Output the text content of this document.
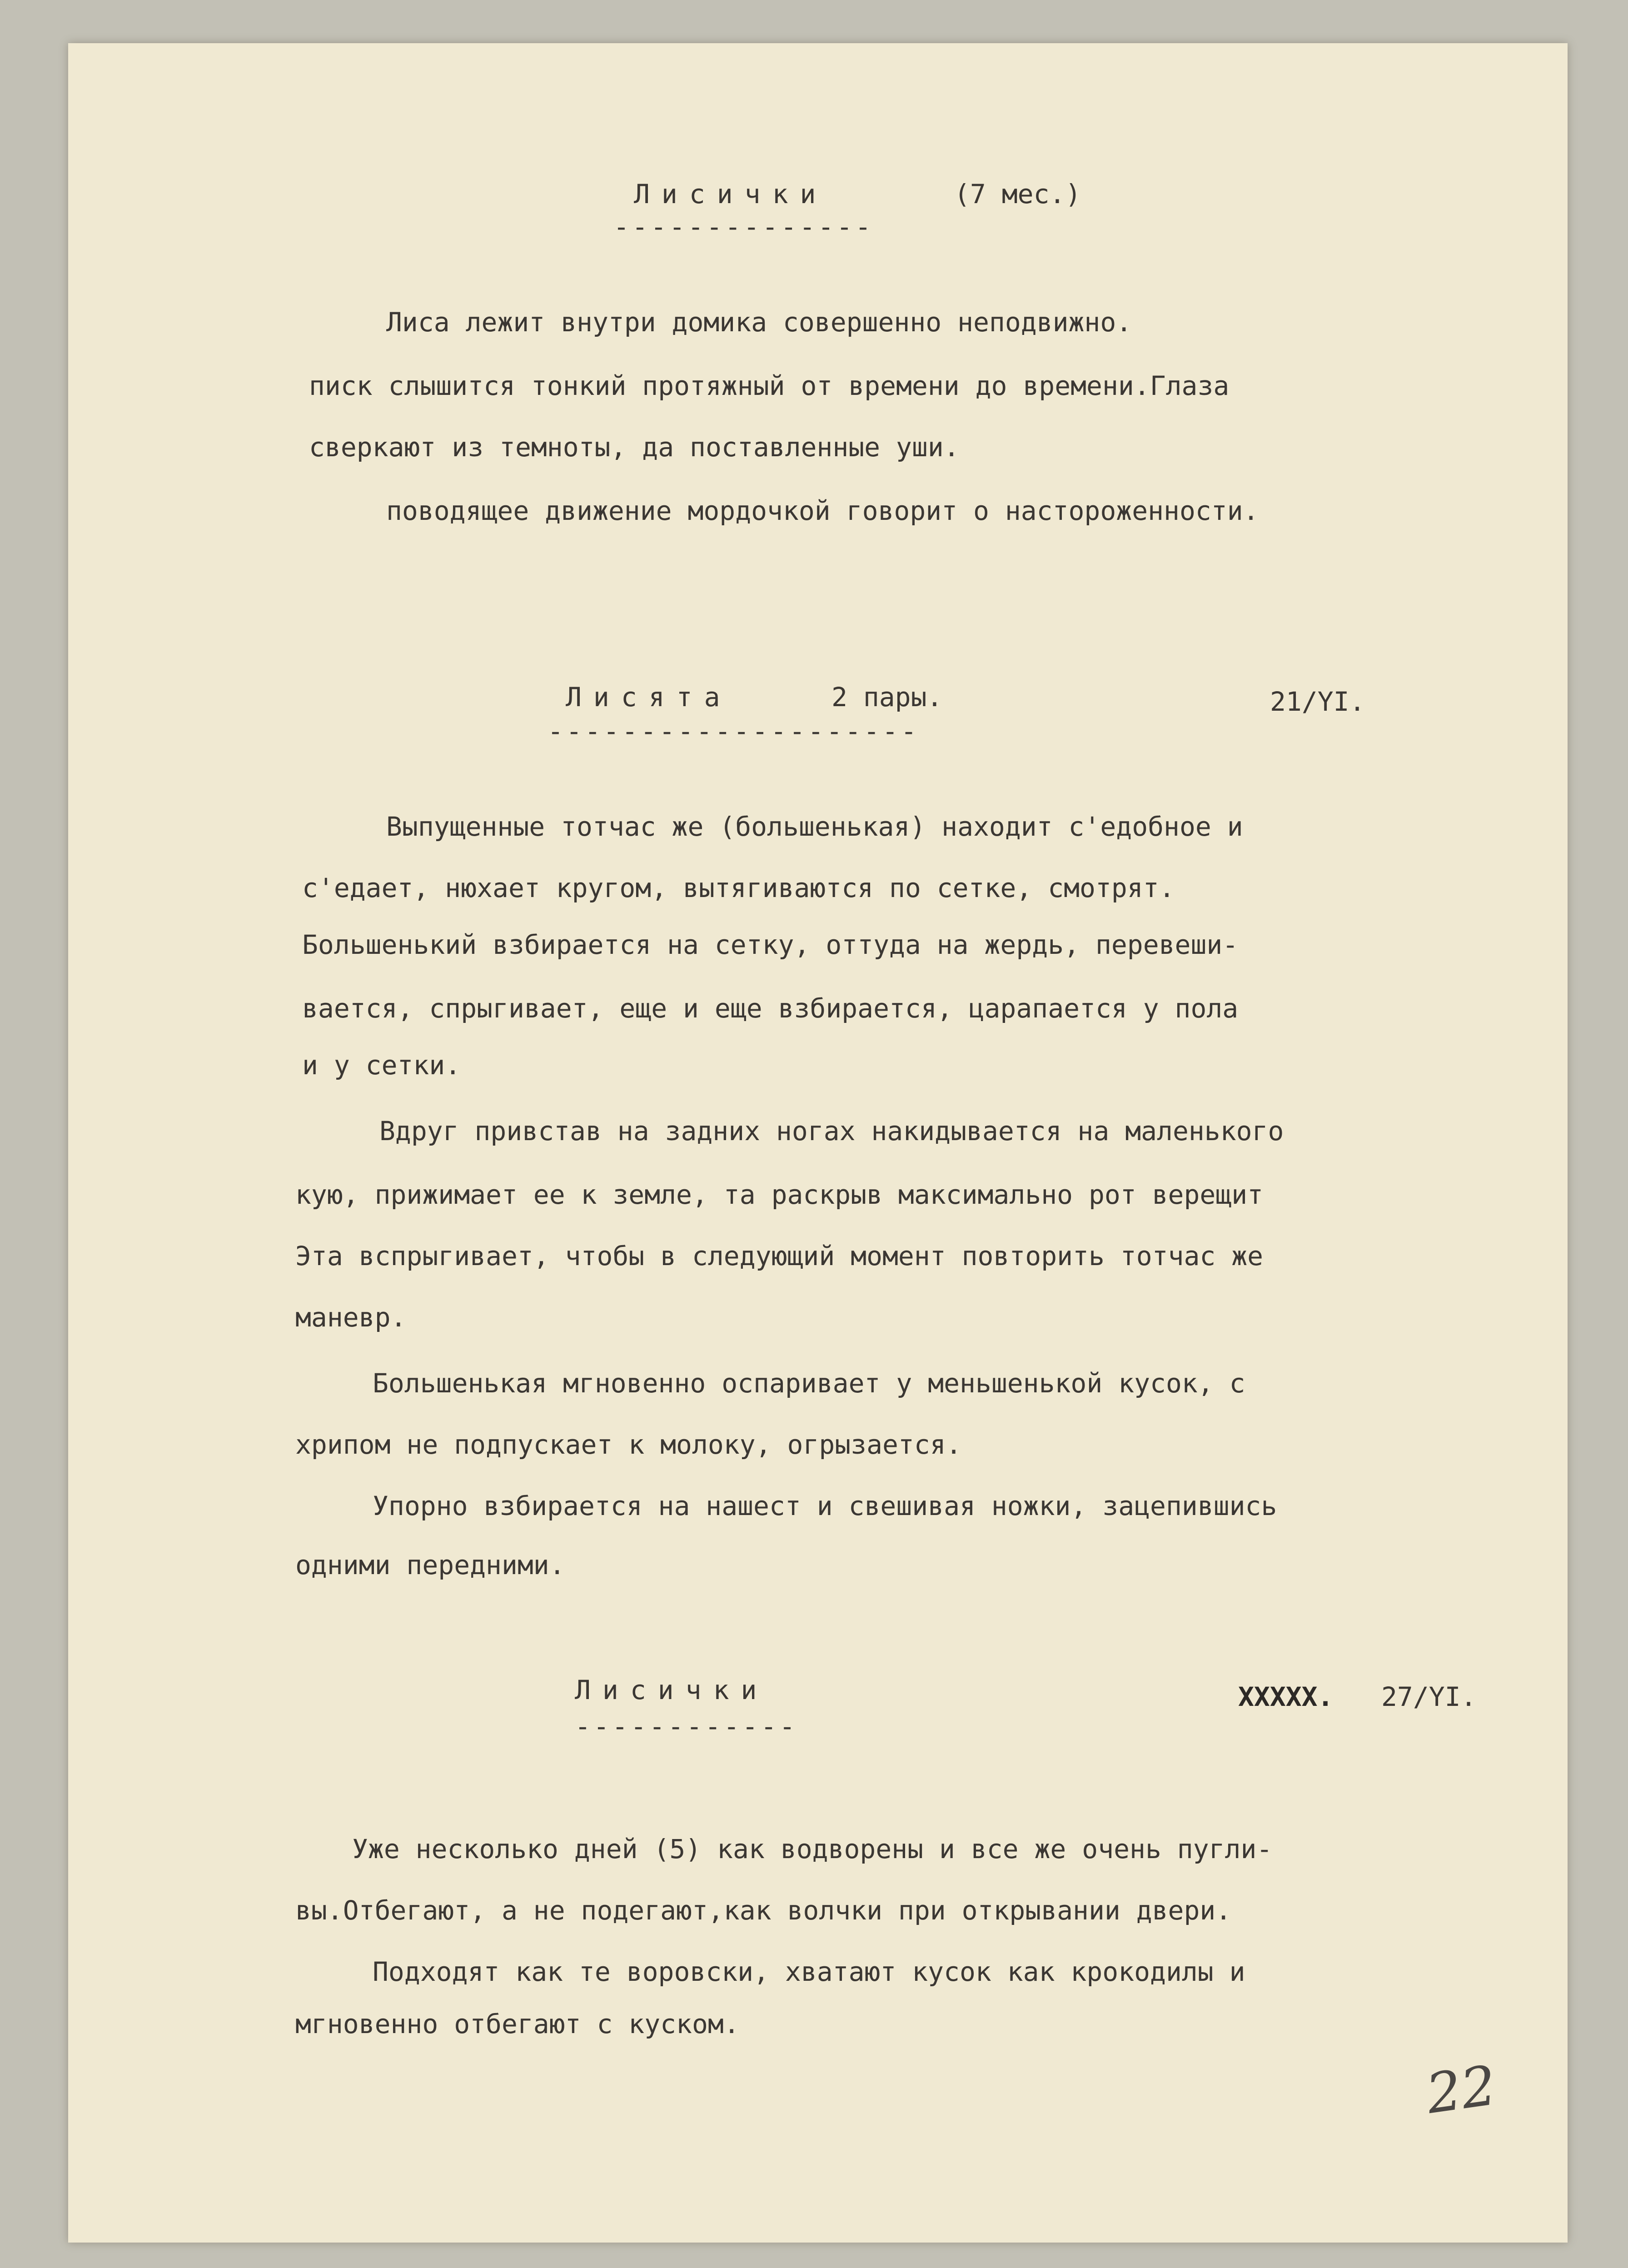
Лисички	(7 мес.)
--------------
Лиса лежит внутри домика совершенно неподвижно.
писк слышится тонкий протяжный от времени до времени.Глаза
сверкают из темноты, да поставленные уши.
поводящее движение мордочкой говорит о настороженности.
Лисята	2 пары.	21/YI.
--------------------
Выпущенные тотчас же (большенькая) находит с'едобное и
с'едает, нюхает кругом, вытягиваются по сетке, смотрят.
Большенький взбирается на сетку, оттуда на жердь, перевеши-
вается, спрыгивает, еще и еще взбирается, царапается у пола
и у сетки.
Вдруг привстав на задних ногах накидывается на маленького
кую, прижимает ее к земле, та раскрыв максимально рот верещит
Эта вспрыгивает, чтобы в следующий момент повторить тотчас же
маневр.
Большенькая мгновенно оспаривает у меньшенькой кусок, с
хрипом не подпускает к молоку, огрызается.
Упорно взбирается на нашест и свешивая ножки, зацепившись
одними передними.
Лисички	ХХХХХ. 27/YI.
------------
Уже несколько дней (5) как водворены и все же очень пугли-
вы.Отбегают, а не подегают,как волчки при открывании двери.
Подходят как те воровски, хватают кусок как крокодилы и
мгновенно отбегают с куском.
22
